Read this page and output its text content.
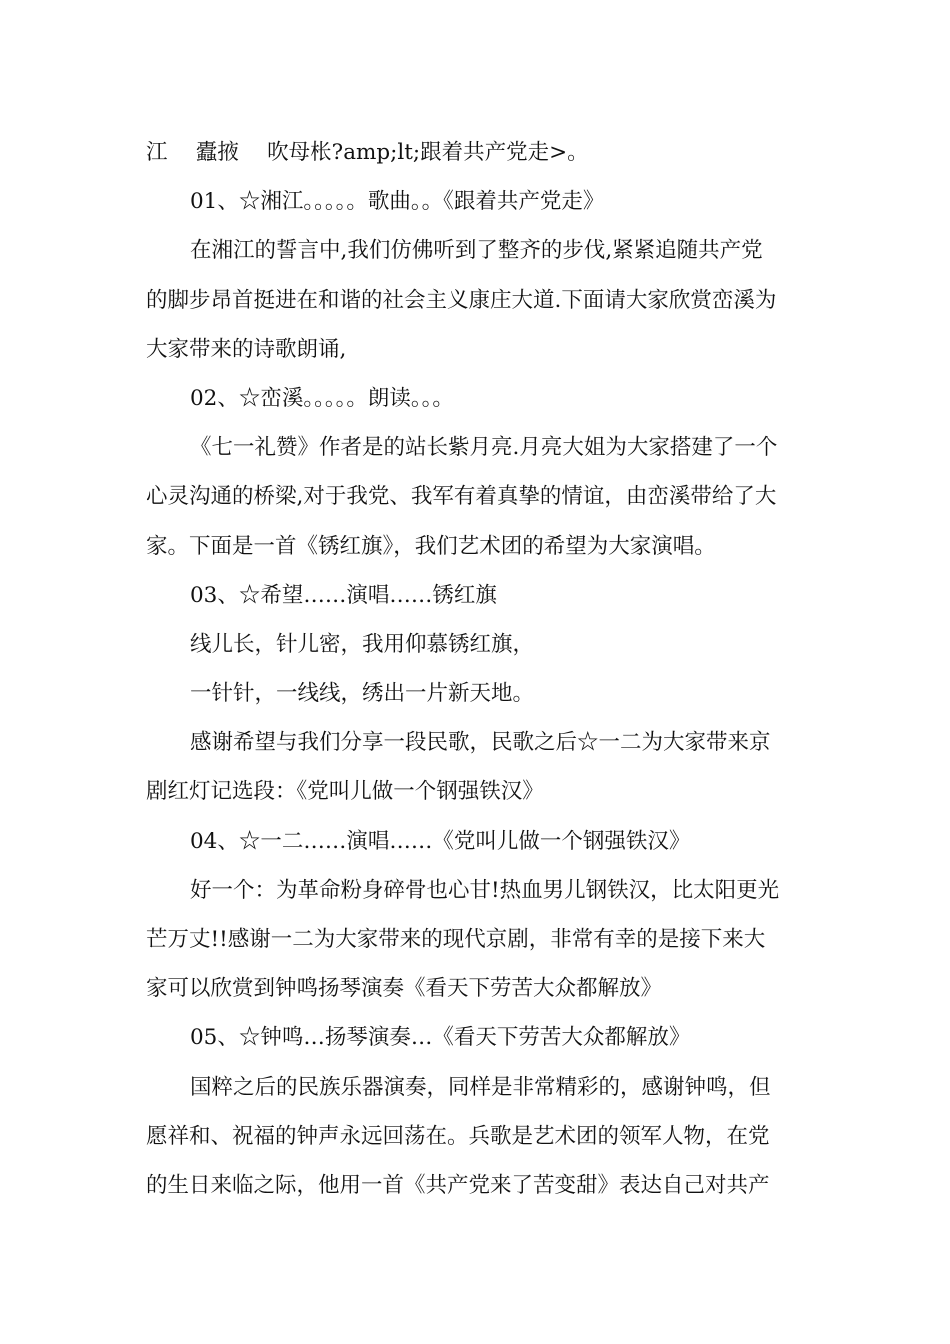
江　 蠹掖　 吹母枨?amp;lt;跟着共产党走>。
01、☆湘江。。。。。歌曲。。《跟着共产党走》
在湘江的誓言中,我们仿佛听到了整齐的步伐,紧紧追随共产党
的脚步昂首挺进在和谐的社会主义康庄大道.下面请大家欣赏峦溪为
大家带来的诗歌朗诵,
02、☆峦溪。。。。。朗读。。。
《七一礼赞》作者是的站长紫月亮.月亮大姐为大家搭建了一个
心灵沟通的桥梁,对于我党、我军有着真挚的情谊，由峦溪带给了大
家。下面是一首《锈红旗》，我们艺术团的希望为大家演唱。
03、☆希望……演唱……锈红旗
线儿长，针儿密，我用仰慕锈红旗，
一针针，一线线，绣出一片新天地。
感谢希望与我们分享一段民歌，民歌之后☆一二为大家带来京
剧红灯记选段：《党叫儿做一个钢强铁汉》
04、☆一二……演唱……《党叫儿做一个钢强铁汉》
好一个：为革命粉身碎骨也心甘!热血男儿钢铁汉，比太阳更光
芒万丈!!感谢一二为大家带来的现代京剧，非常有幸的是接下来大
家可以欣赏到钟鸣扬琴演奏《看天下劳苦大众都解放》
05、☆钟鸣…扬琴演奏…《看天下劳苦大众都解放》
国粹之后的民族乐器演奏，同样是非常精彩的，感谢钟鸣，但
愿祥和、祝福的钟声永远回荡在。兵歌是艺术团的领军人物，在党
的生日来临之际，他用一首《共产党来了苦变甜》表达自己对共产
